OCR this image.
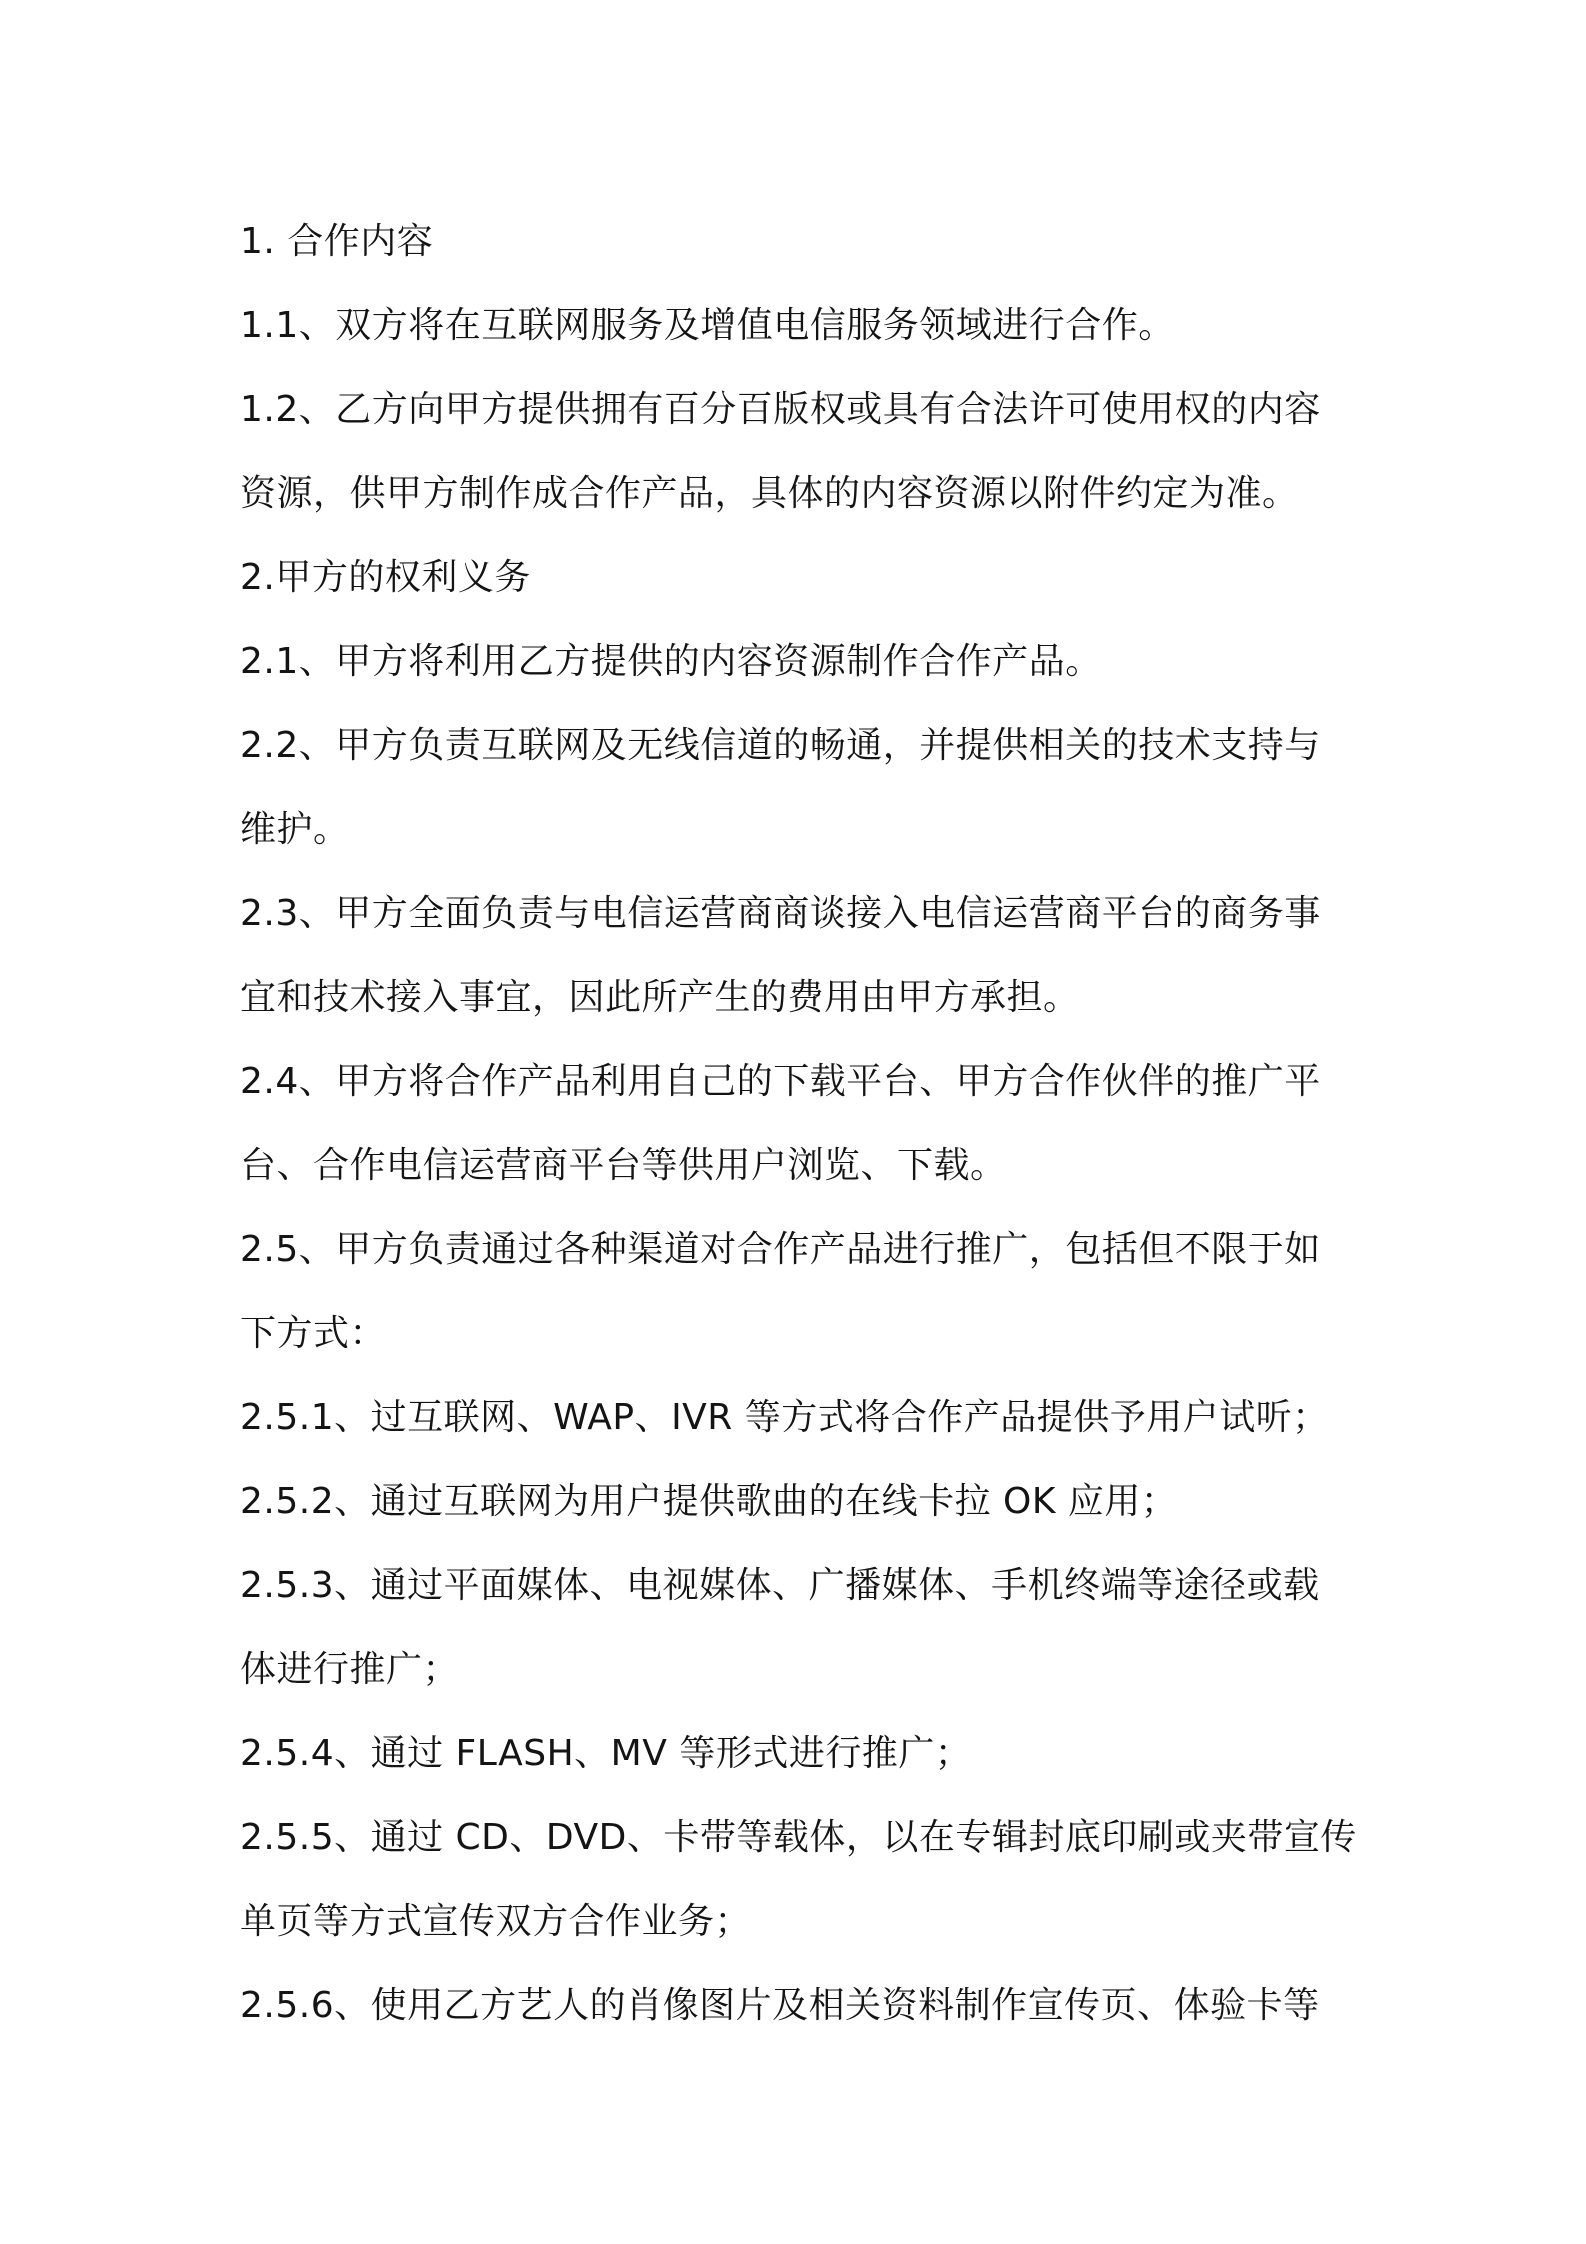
1. 合作内容
1.1、双方将在互联网服务及增值电信服务领域进行合作。
1.2、乙方向甲方提供拥有百分百版权或具有合法许可使用权的内容
资源，供甲方制作成合作产品，具体的内容资源以附件约定为准。
2.甲方的权利义务
2.1、甲方将利用乙方提供的内容资源制作合作产品。
2.2、甲方负责互联网及无线信道的畅通，并提供相关的技术支持与
维护。
2.3、甲方全面负责与电信运营商商谈接入电信运营商平台的商务事
宜和技术接入事宜，因此所产生的费用由甲方承担。
2.4、甲方将合作产品利用自己的下载平台、甲方合作伙伴的推广平
台、合作电信运营商平台等供用户浏览、下载。
2.5、甲方负责通过各种渠道对合作产品进行推广，包括但不限于如
下方式：
2.5.1、过互联网、WAP、IVR 等方式将合作产品提供予用户试听；
2.5.2、通过互联网为用户提供歌曲的在线卡拉 OK 应用；
2.5.3、通过平面媒体、电视媒体、广播媒体、手机终端等途径或载
体进行推广；
2.5.4、通过 FLASH、MV 等形式进行推广；
2.5.5、通过 CD、DVD、卡带等载体，以在专辑封底印刷或夹带宣传
单页等方式宣传双方合作业务；
2.5.6、使用乙方艺人的肖像图片及相关资料制作宣传页、体验卡等
